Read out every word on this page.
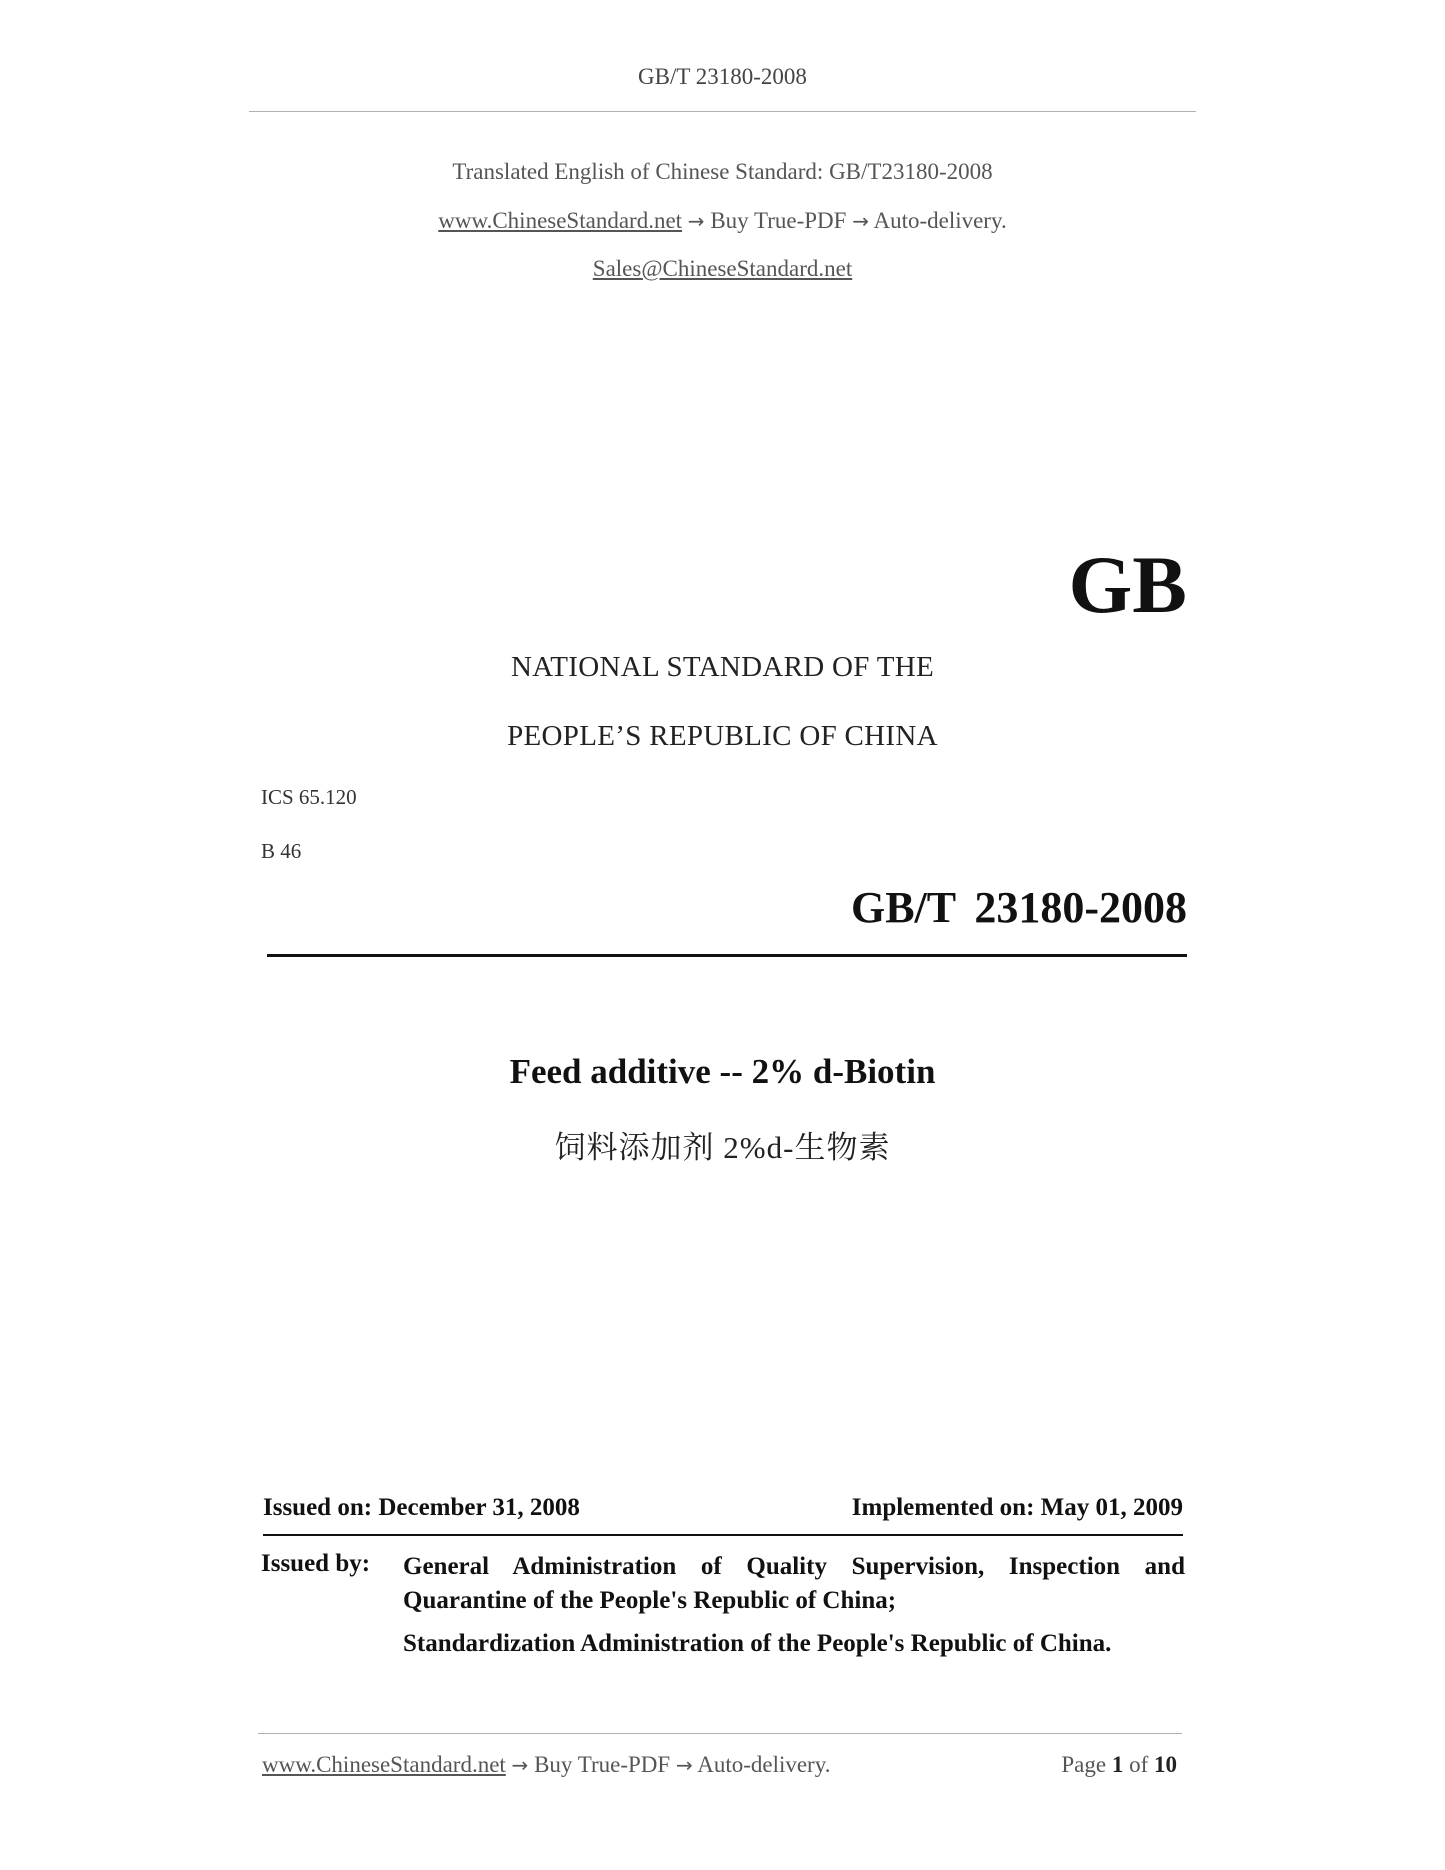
GB/T 23180-2008
Translated English of Chinese Standard: GB/T23180-2008
www.ChineseStandard.net → Buy True-PDF → Auto-delivery.
Sales@ChineseStandard.net
GB
NATIONAL STANDARD OF THE
PEOPLE’S REPUBLIC OF CHINA
ICS 65.120
B 46
GB/T 23180-2008
Feed additive -- 2% d-Biotin
饲料添加剂 2%d-生物素
Issued on: December 31, 2008	Implemented on: May 01, 2009
Issued by: General Administration of Quality Supervision, Inspection and Quarantine of the People's Republic of China;
Standardization Administration of the People's Republic of China.
www.ChineseStandard.net → Buy True-PDF → Auto-delivery.	Page 1 of 10
